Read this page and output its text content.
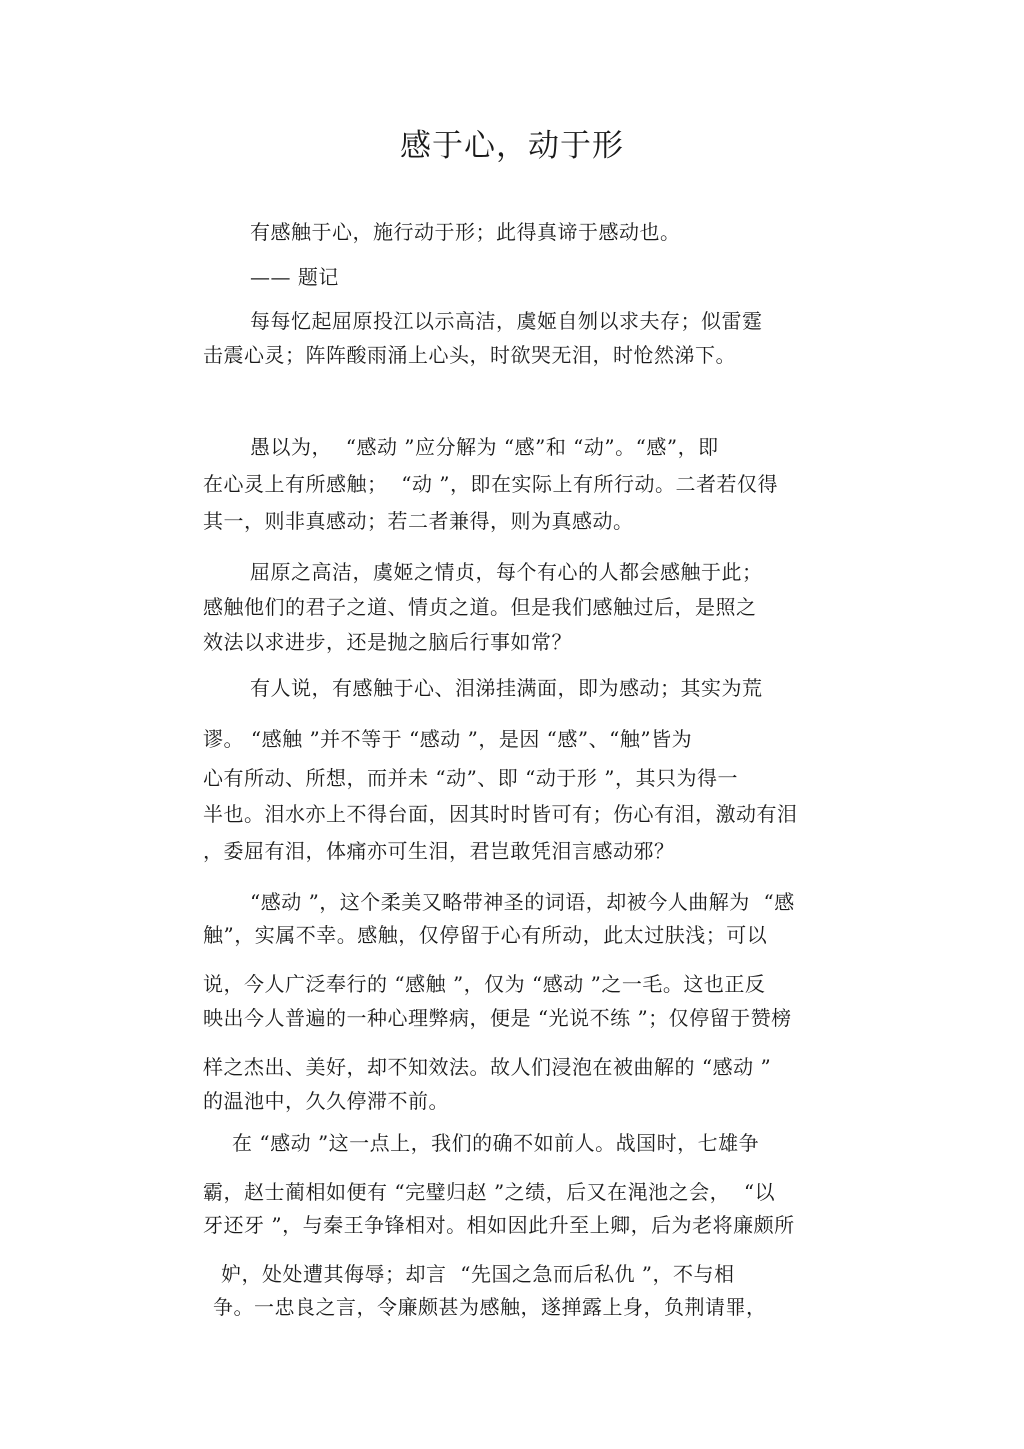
感于心，动于形
有感触于心，施行动于形；此得真谛于感动也。
—— 题记
每每忆起屈原投江以示高洁，虞姬自刎以求夫存；似雷霆
击震心灵；阵阵酸雨涌上心头，时欲哭无泪，时怆然涕下。
愚以为，  “感动 ”应分解为 “感”和 “动”。“感”，即
在心灵上有所感触；  “动 ”，即在实际上有所行动。二者若仅得
其一，则非真感动；若二者兼得，则为真感动。
屈原之高洁，虞姬之情贞，每个有心的人都会感触于此；
感触他们的君子之道、情贞之道。但是我们感触过后，是照之
效法以求进步，还是抛之脑后行事如常？
有人说，有感触于心、泪涕挂满面，即为感动；其实为荒
谬。 “感触 ”并不等于 “感动 ”，是因 “感”、“触”皆为
心有所动、所想，而并未 “动”、即 “动于形 ”，其只为得一
半也。泪水亦上不得台面，因其时时皆可有；伤心有泪，激动有泪
，委屈有泪，体痛亦可生泪，君岂敢凭泪言感动邪？
“感动 ”，这个柔美又略带神圣的词语，却被今人曲解为  “感
触”，实属不幸。感触，仅停留于心有所动，此太过肤浅；可以
说，今人广泛奉行的 “感触 ”，仅为 “感动 ”之一毛。这也正反
映出今人普遍的一种心理弊病，便是 “光说不练 ”；仅停留于赞榜
样之杰出、美好，却不知效法。故人们浸泡在被曲解的 “感动 ”
的温池中，久久停滞不前。
在 “感动 ”这一点上，我们的确不如前人。战国时，七雄争
霸，赵士蔺相如便有 “完璧归赵 ”之绩，后又在渑池之会，  “以
牙还牙 ”，与秦王争锋相对。相如因此升至上卿，后为老将廉颇所
妒，处处遭其侮辱；却言  “先国之急而后私仇 ”，不与相
争。一忠良之言，令廉颇甚为感触，遂掸露上身，负荆请罪，
